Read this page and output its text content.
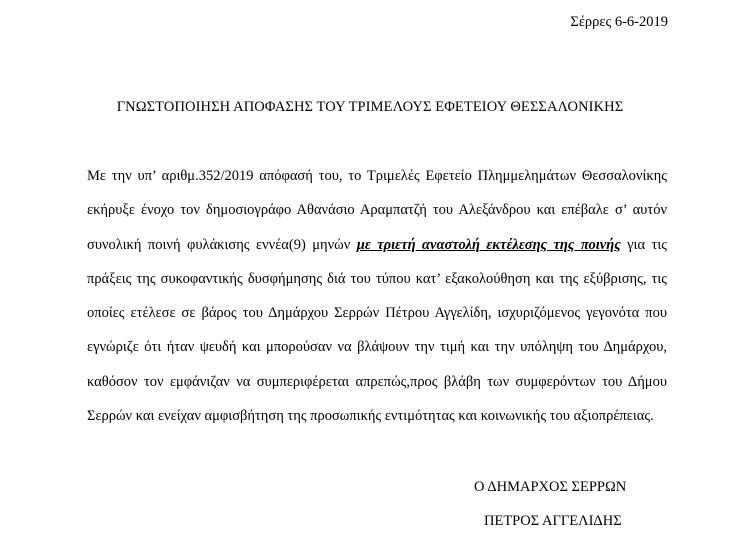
Σέρρες 6-6-2019
ΓΝΩΣΤΟΠΟΙΗΣΗ ΑΠΟΦΑΣΗΣ ΤΟΥ ΤΡΙΜΕΛΟΥΣ ΕΦΕΤΕΙΟΥ ΘΕΣΣΑΛΟΝΙΚΗΣ

Με την υπ’ αριθμ.352/2019 απόφασή του, το Τριμελές Εφετείο Πλημμελημάτων Θεσσαλονίκης εκήρυξε ένοχο τον δημοσιογράφο Αθανάσιο Αραμπατζή του Αλεξάνδρου και επέβαλε σ’ αυτόν συνολική ποινή φυλάκισης εννέα(9) μηνών με τριετή αναστολή εκτέλεσης της ποινής για τις πράξεις της συκοφαντικής δυσφήμησης διά του τύπου κατ’ εξακολούθηση και της εξύβρισης, τις οποίες ετέλεσε σε βάρος του Δημάρχου Σερρών Πέτρου Αγγελίδη, ισχυριζόμενος γεγονότα που εγνώριζε ότι ήταν ψευδή και μπορούσαν να βλάψουν την τιμή και την υπόληψη του Δημάρχου, καθόσον τον εμφάνιζαν να συμπεριφέρεται απρεπώς,προς βλάβη των συμφερόντων του Δήμου Σερρών και ενείχαν αμφισβήτηση της προσωπικής εντιμότητας και κοινωνικής του αξιοπρέπειας.

Ο ΔΗΜΑΡΧΟΣ ΣΕΡΡΩΝ
ΠΕΤΡΟΣ ΑΓΓΕΛΙΔΗΣ
